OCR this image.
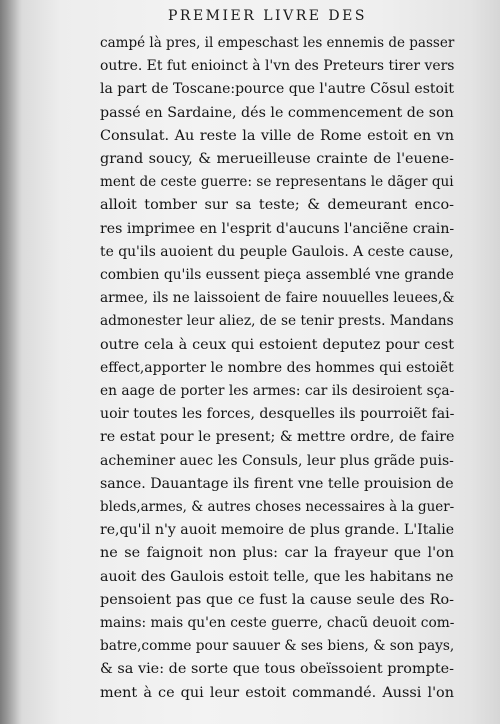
PREMIER LIVRE DES
campé là pres, il empeschast les ennemis de passer
outre. Et fut enioinct à l'vn des Preteurs tirer vers
la part de Toscane:pource que l'autre Cõsul estoit
passé en Sardaine, dés le commencement de son
Consulat. Au reste la ville de Rome estoit en vn
grand soucy, & merueilleuse crainte de l'euene-
ment de ceste guerre: se representans le dãger qui
alloit tomber sur sa teste; & demeurant enco-
res imprimee en l'esprit d'aucuns l'anciẽne crain-
te qu'ils auoient du peuple Gaulois. A ceste cause,
combien qu'ils eussent pieça assemblé vne grande
armee, ils ne laissoient de faire nouuelles leuees,&
admonester leur aliez, de se tenir prests. Mandans
outre cela à ceux qui estoient deputez pour cest
effect,apporter le nombre des hommes qui estoiẽt
en aage de porter les armes: car ils desiroient sça-
uoir toutes les forces, desquelles ils pourroiẽt fai-
re estat pour le present; & mettre ordre, de faire
acheminer auec les Consuls, leur plus grãde puis-
sance. Dauantage ils firent vne telle prouision de
bleds,armes, & autres choses necessaires à la guer-
re,qu'il n'y auoit memoire de plus grande. L'Italie
ne se faignoit non plus: car la frayeur que l'on
auoit des Gaulois estoit telle, que les habitans ne
pensoient pas que ce fust la cause seule des Ro-
mains: mais qu'en ceste guerre, chacũ deuoit com-
batre,comme pour sauuer & ses biens, & son pays,
& sa vie: de sorte que tous obeïssoient prompte-
ment à ce qui leur estoit commandé. Aussi l'on
